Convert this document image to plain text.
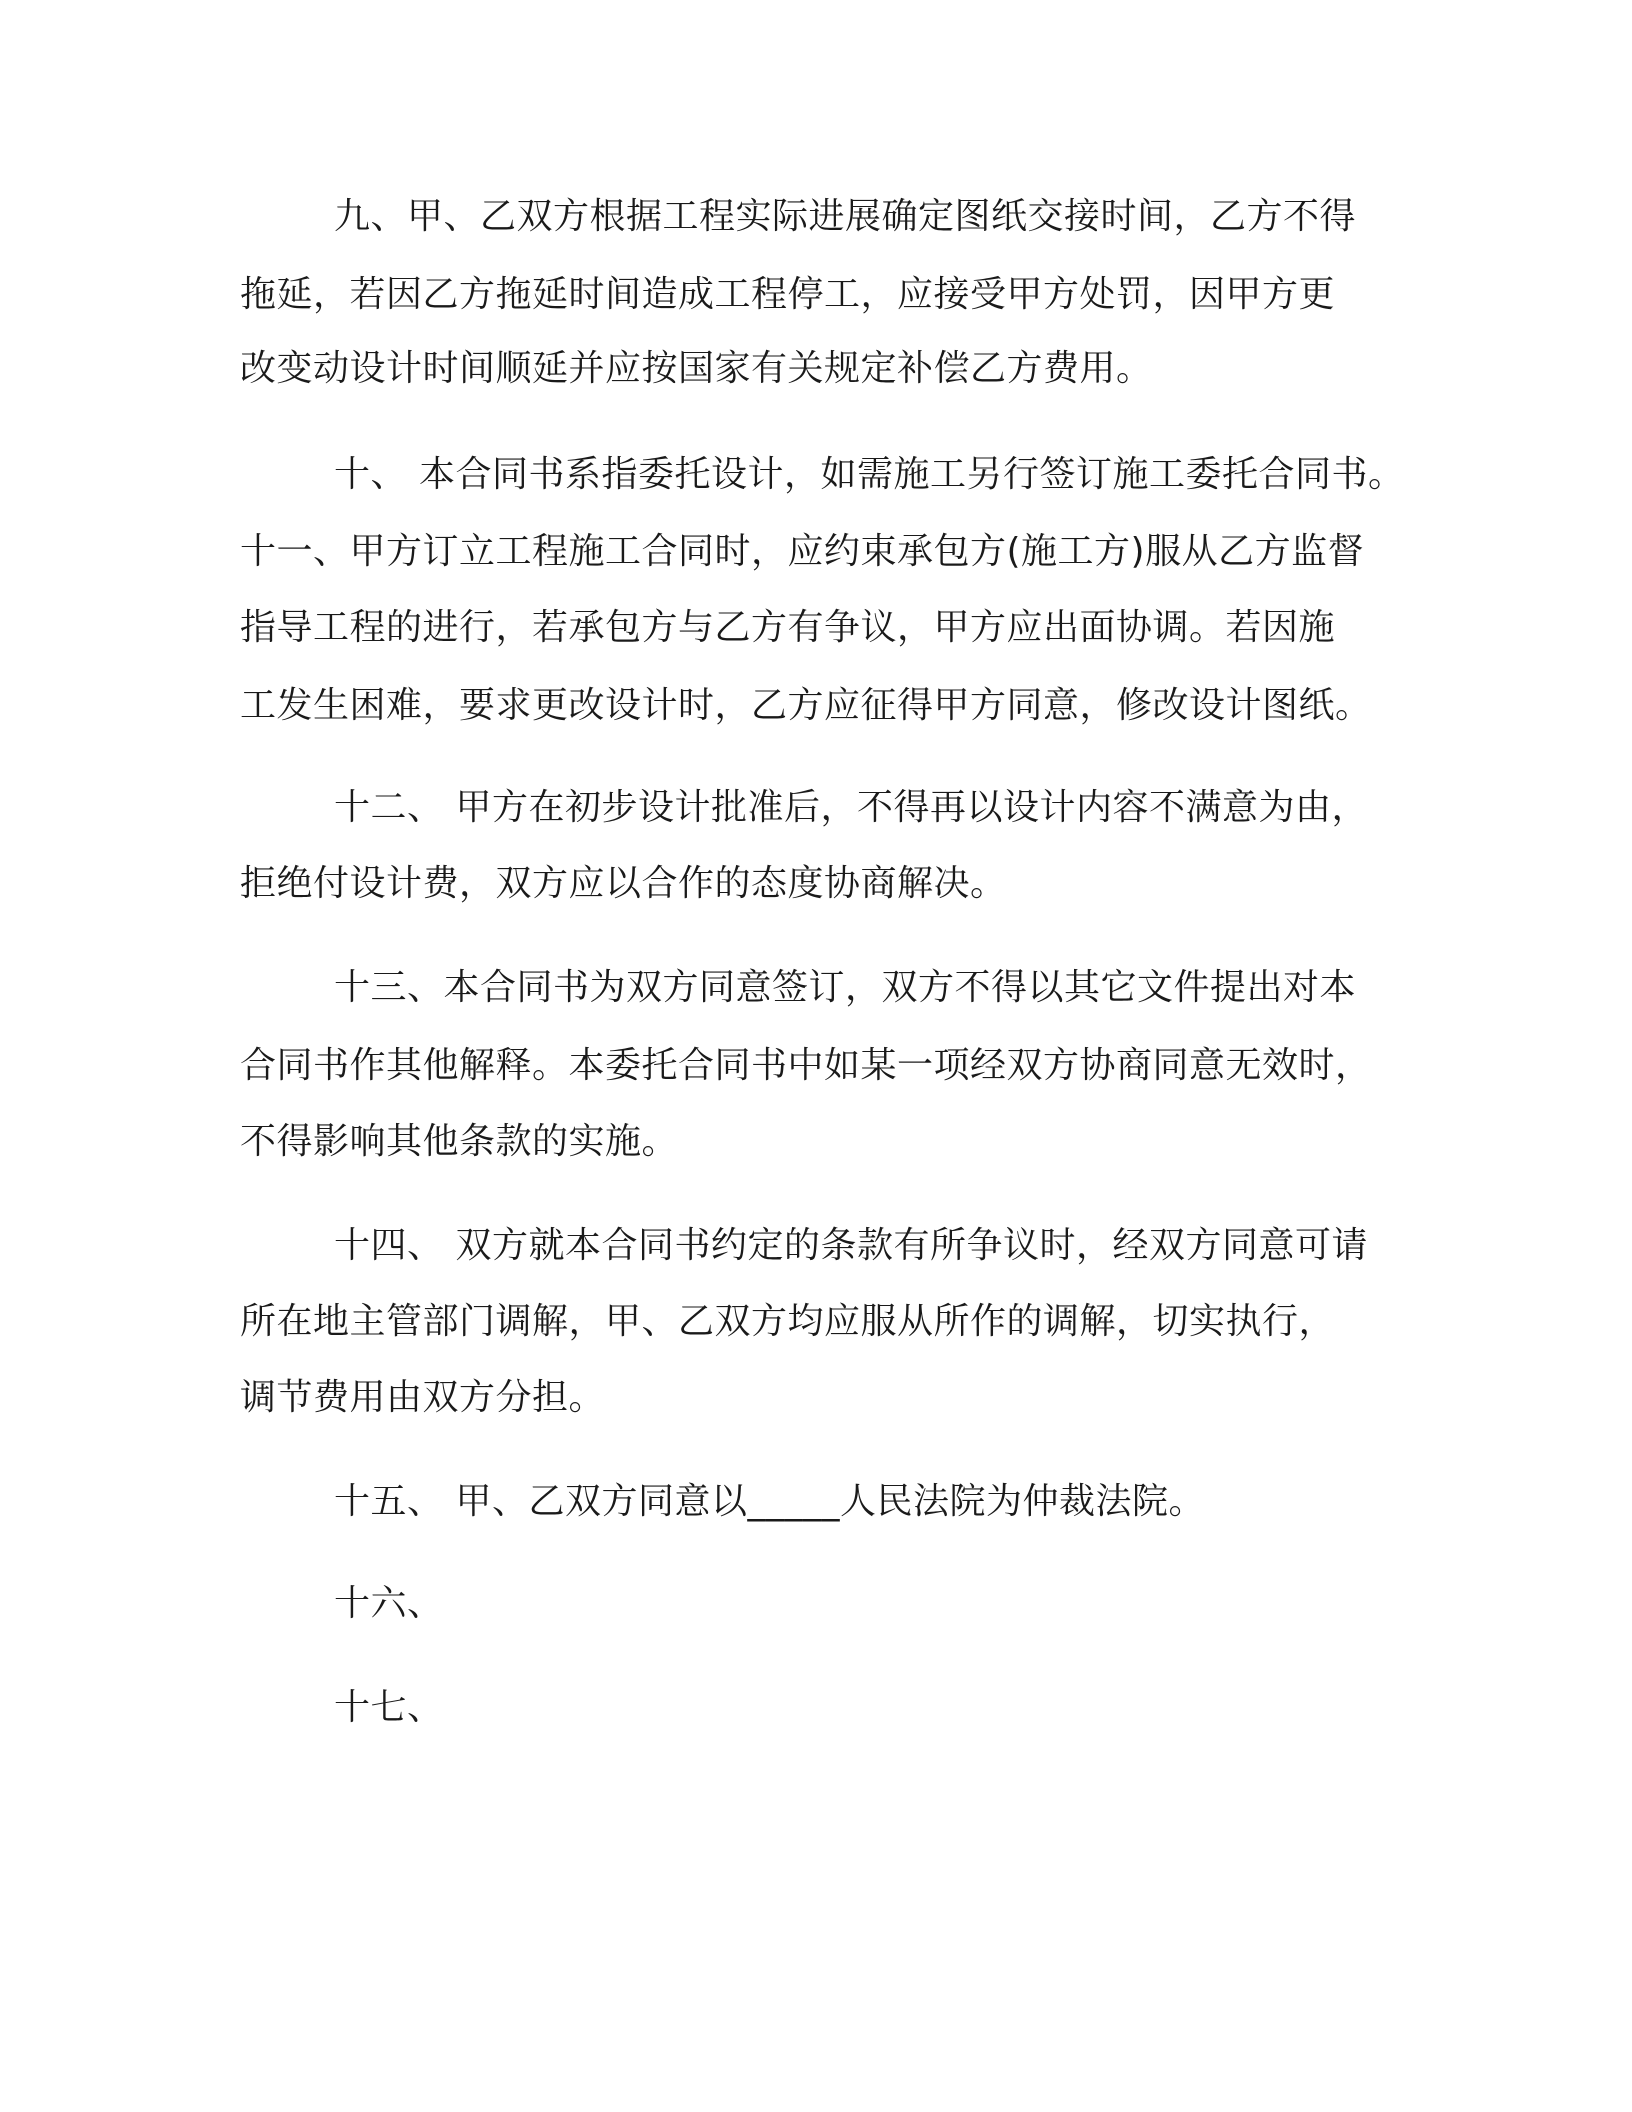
九、甲、乙双方根据工程实际进展确定图纸交接时间，乙方不得
拖延，若因乙方拖延时间造成工程停工，应接受甲方处罚，因甲方更
改变动设计时间顺延并应按国家有关规定补偿乙方费用。
十、 本合同书系指委托设计，如需施工另行签订施工委托合同书。
十一、甲方订立工程施工合同时，应约束承包方(施工方)服从乙方监督
指导工程的进行，若承包方与乙方有争议，甲方应出面协调。若因施
工发生困难，要求更改设计时，乙方应征得甲方同意，修改设计图纸。
十二、 甲方在初步设计批准后，不得再以设计内容不满意为由，
拒绝付设计费，双方应以合作的态度协商解决。
十三、本合同书为双方同意签订，双方不得以其它文件提出对本
合同书作其他解释。本委托合同书中如某一项经双方协商同意无效时，
不得影响其他条款的实施。
十四、 双方就本合同书约定的条款有所争议时，经双方同意可请
所在地主管部门调解，甲、乙双方均应服从所作的调解，切实执行，
调节费用由双方分担。
十五、 甲、乙双方同意以_____人民法院为仲裁法院。
十六、
十七、
